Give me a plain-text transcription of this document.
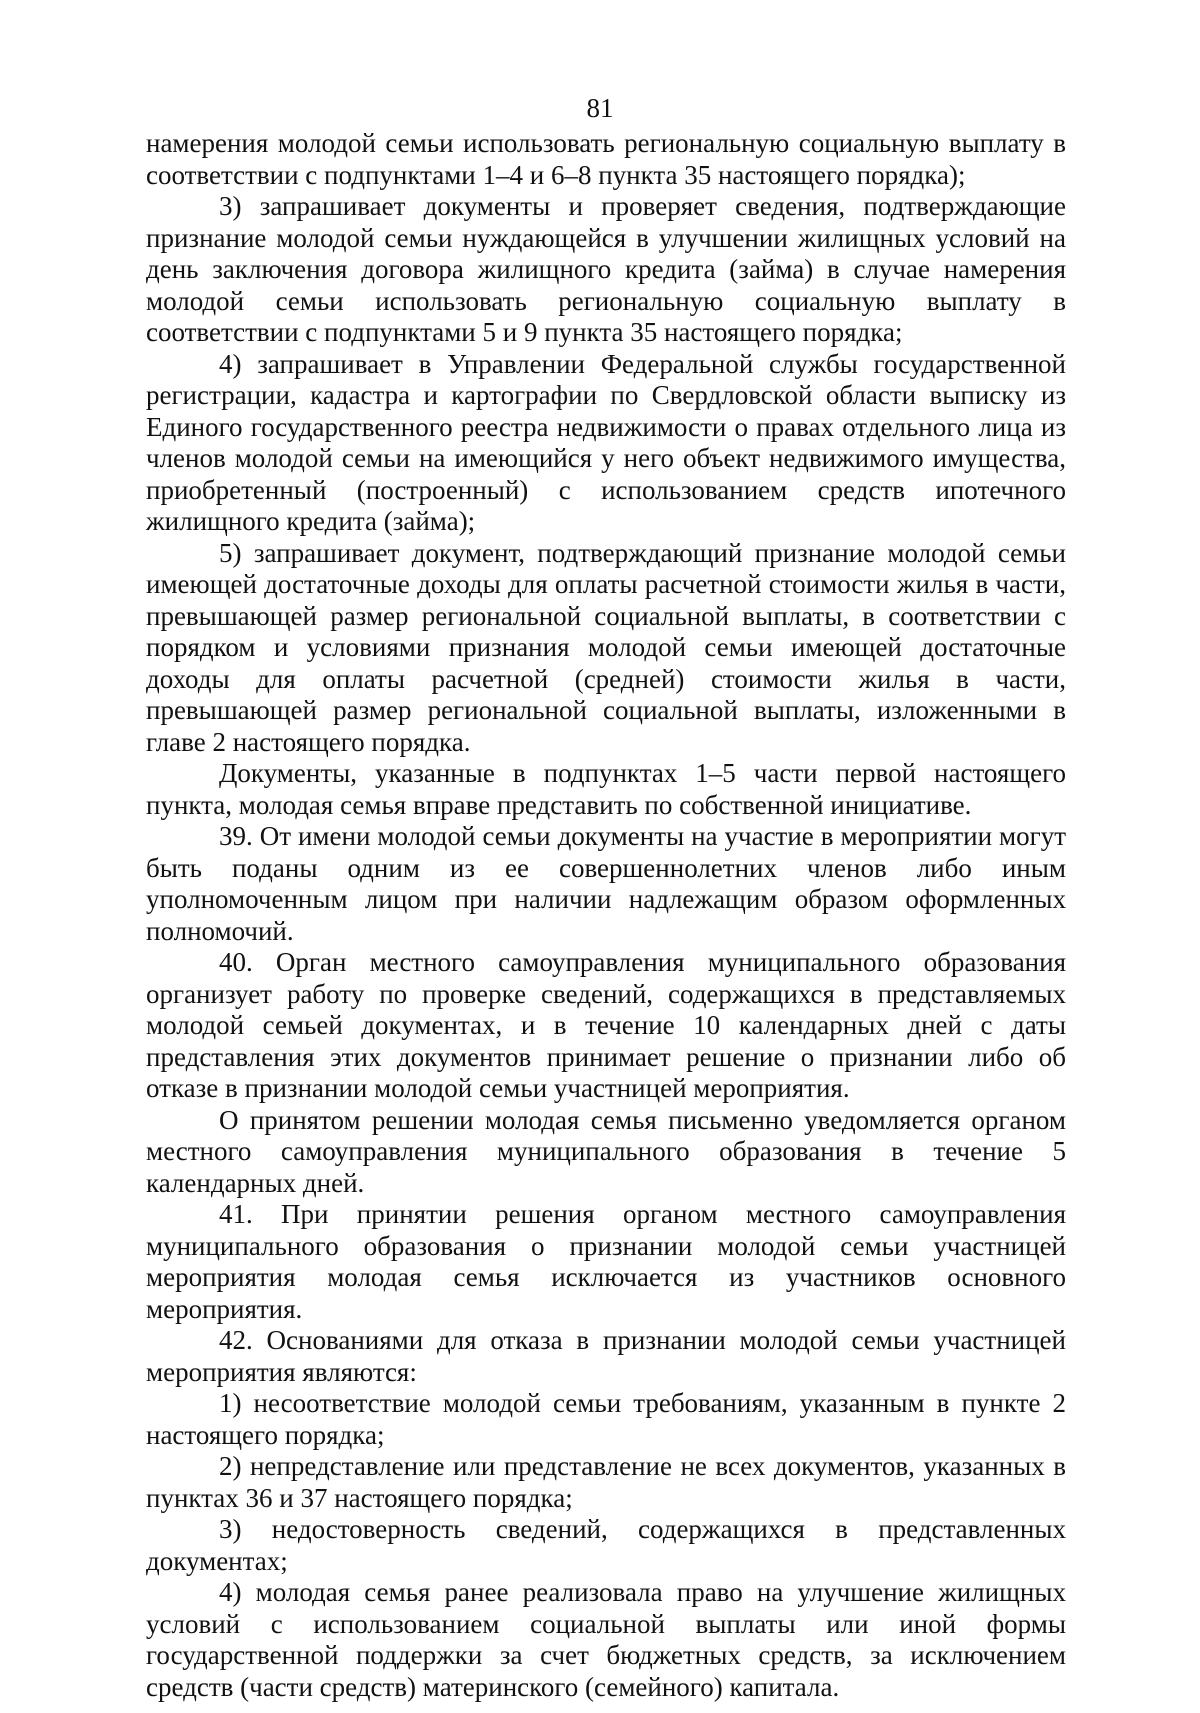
81

намерения молодой семьи использовать региональную социальную выплату в соответствии с подпунктами 1–4 и 6–8 пункта 35 настоящего порядка);

3) запрашивает документы и проверяет сведения, подтверждающие признание молодой семьи нуждающейся в улучшении жилищных условий на день заключения договора жилищного кредита (займа) в случае намерения молодой семьи использовать региональную социальную выплату в соответствии с подпунктами 5 и 9 пункта 35 настоящего порядка;

4) запрашивает в Управлении Федеральной службы государственной регистрации, кадастра и картографии по Свердловской области выписку из Единого государственного реестра недвижимости о правах отдельного лица из членов молодой семьи на имеющийся у него объект недвижимого имущества, приобретенный (построенный) с использованием средств ипотечного жилищного кредита (займа);

5) запрашивает документ, подтверждающий признание молодой семьи имеющей достаточные доходы для оплаты расчетной стоимости жилья в части, превышающей размер региональной социальной выплаты, в соответствии с порядком и условиями признания молодой семьи имеющей достаточные доходы для оплаты расчетной (средней) стоимости жилья в части, превышающей размер региональной социальной выплаты, изложенными в главе 2 настоящего порядка.

Документы, указанные в подпунктах 1–5 части первой настоящего пункта, молодая семья вправе представить по собственной инициативе.

39. От имени молодой семьи документы на участие в мероприятии могут быть поданы одним из ее совершеннолетних членов либо иным уполномоченным лицом при наличии надлежащим образом оформленных полномочий.

40. Орган местного самоуправления муниципального образования организует работу по проверке сведений, содержащихся в представляемых молодой семьей документах, и в течение 10 календарных дней с даты представления этих документов принимает решение о признании либо об отказе в признании молодой семьи участницей мероприятия.

О принятом решении молодая семья письменно уведомляется органом местного самоуправления муниципального образования в течение 5 календарных дней.

41. При принятии решения органом местного самоуправления муниципального образования о признании молодой семьи участницей мероприятия молодая семья исключается из участников основного мероприятия.

42. Основаниями для отказа в признании молодой семьи участницей мероприятия являются:

1) несоответствие молодой семьи требованиям, указанным в пункте 2 настоящего порядка;

2) непредставление или представление не всех документов, указанных в пунктах 36 и 37 настоящего порядка;

3) недостоверность сведений, содержащихся в представленных документах;

4) молодая семья ранее реализовала право на улучшение жилищных условий с использованием социальной выплаты или иной формы государственной поддержки за счет бюджетных средств, за исключением средств (части средств) материнского (семейного) капитала.
